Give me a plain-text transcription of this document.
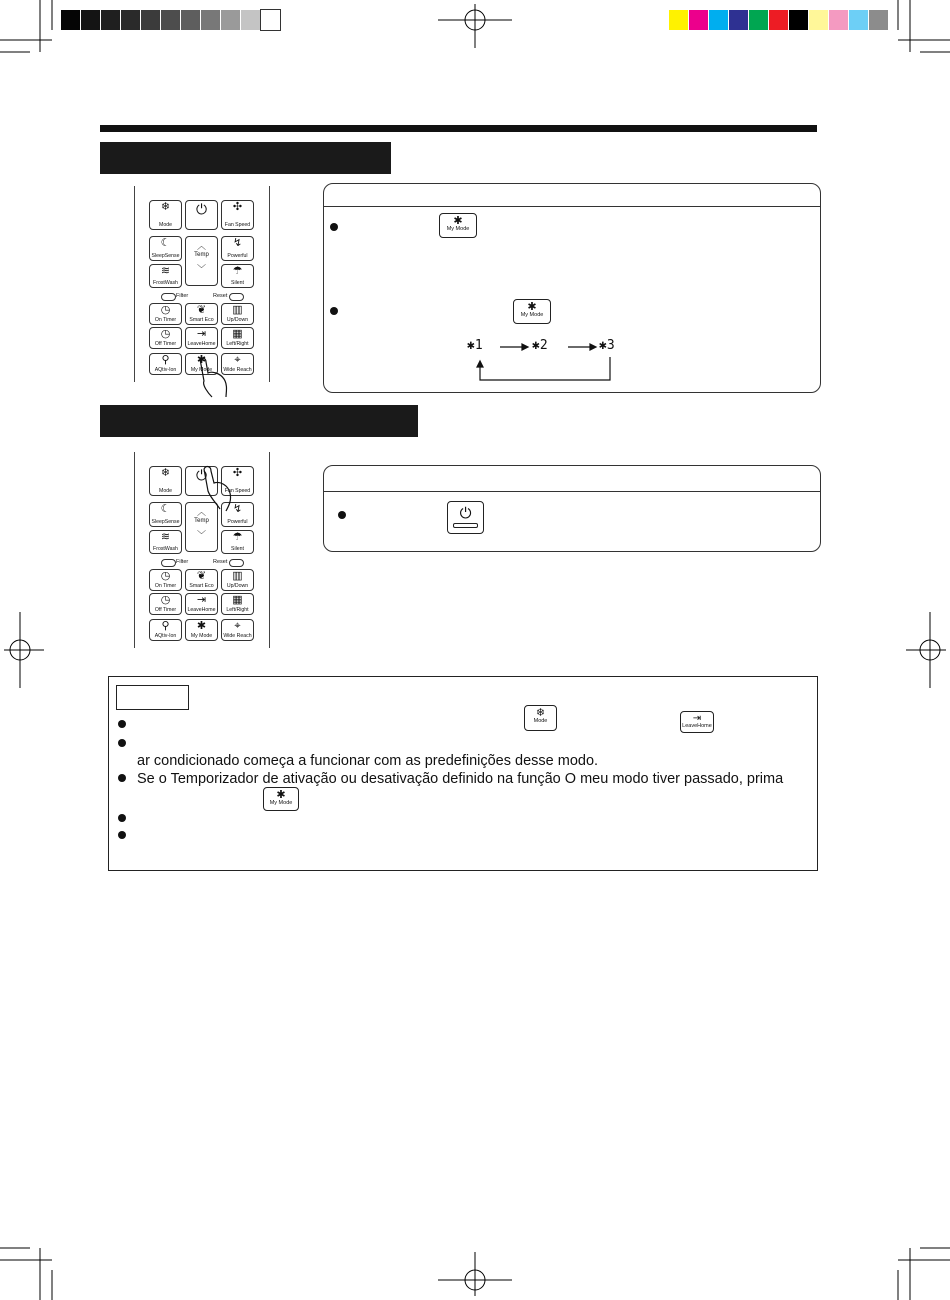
❄
Mode
⏻	✣
Fan Speed
☾
SleepSense
︿
Temp
﹀
↯
Powerful
≋
FrostWash
☂
Silent
Filter	Reset
◷
On Timer
❦
Smart Eco
▥
Up/Down
◷
Off Timer
⇥
LeaveHome
▦
Left/Right
⚲
AQtiv-Ion
✱
My Mode
⌖
Wide Reach
✱
My Mode
✱
My Mode
✱1	✱2	✱3
❄
Mode
⏻	✣
Fan Speed
☾
SleepSense
︿
Temp
﹀
↯
Powerful
≋
FrostWash
☂
Silent
Filter	Reset
◷
On Timer
❦
Smart Eco
▥
Up/Down
◷
Off Timer
⇥
LeaveHome
▦
Left/Right
⚲
AQtiv-Ion
✱
My Mode
⌖
Wide Reach
⏻
❄
Mode	⇥
LeaveHome
ar condicionado começa a funcionar com as predefinições desse modo.
Se o Temporizador de ativação ou desativação definido na função O meu modo tiver passado, prima
✱
My Mode
